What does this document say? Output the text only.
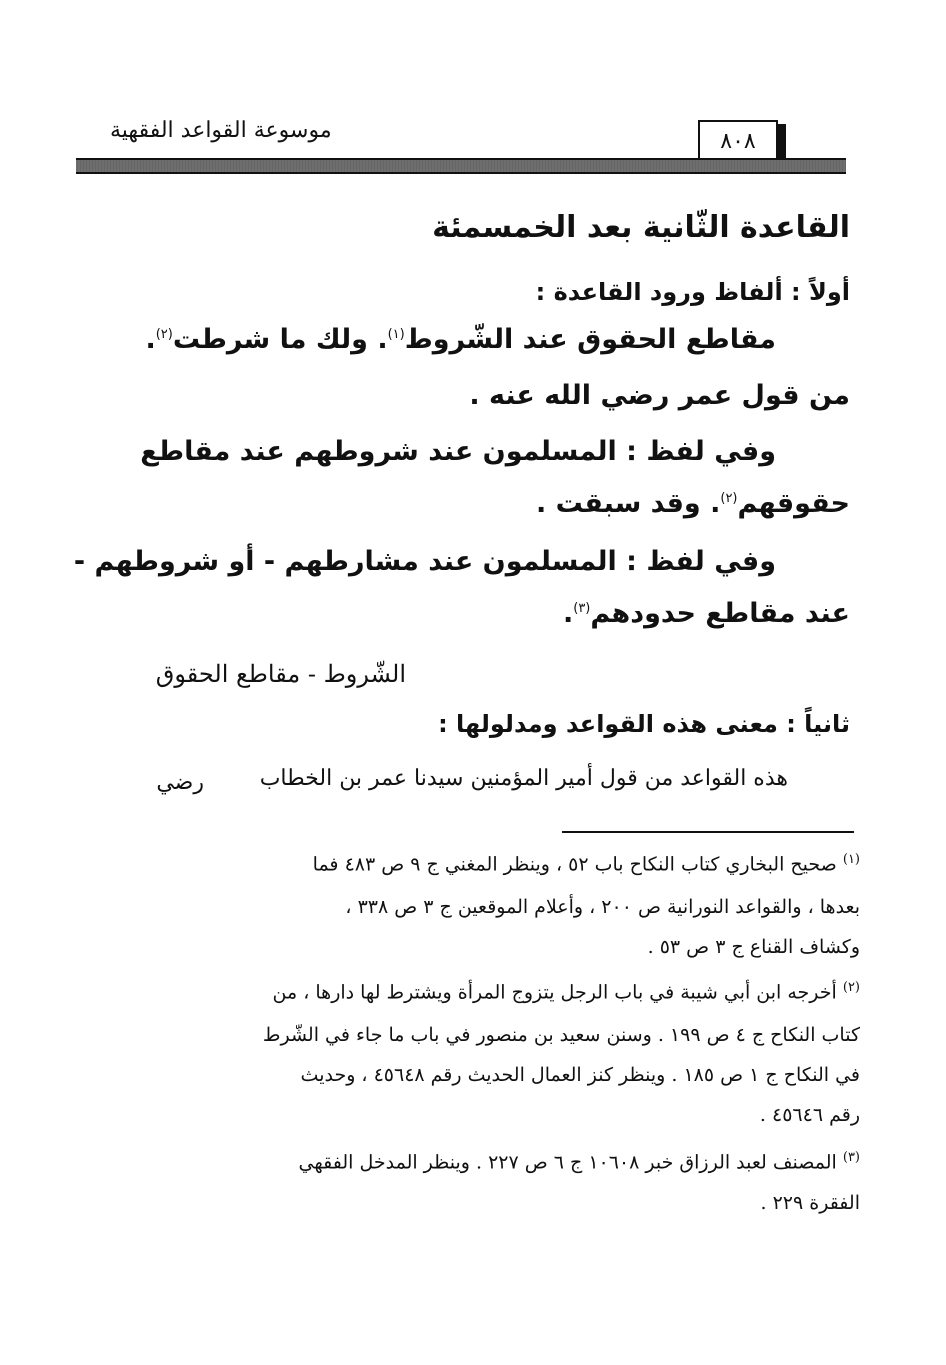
موسوعة القواعد الفقهية	٨٠٨
القاعدة الثّانية بعد الخمسمئة
أولاً : ألفاظ ورود القاعدة :
مقاطع الحقوق عند الشّروط$^{(١)}$. ولك ما شرطت$^{(٢)}$.
من قول عمر رضي الله عنه .
وفي لفظ : المسلمون عند شروطهم عند مقاطع
حقوقهم$^{(٢)}$. وقد سبقت .
وفي لفظ : المسلمون عند مشارطهم - أو شروطهم -
عند مقاطع حدودهم$^{(٣)}$.
الشّروط - مقاطع الحقوق
ثانياً : معنى هذه القواعد ومدلولها :
هذه القواعد من قول أمير المؤمنين سيدنا عمر بن الخطاب
رضي
$^{(١)}$ صحيح البخاري كتاب النكاح باب ٥٢ ، وينظر المغني ج ٩ ص ٤٨٣ فما
بعدها ، والقواعد النورانية ص ٢٠٠ ، وأعلام الموقعين ج ٣ ص ٣٣٨ ،
وكشاف القناع ج ٣ ص ٥٣ .
$^{(٢)}$ أخرجه ابن أبي شيبة في باب الرجل يتزوج المرأة ويشترط لها دارها ، من
كتاب النكاح ج ٤ ص ١٩٩ . وسنن سعيد بن منصور في باب ما جاء في الشّرط
في النكاح ج ١ ص ١٨٥ . وينظر كنز العمال الحديث رقم ٤٥٦٤٨ ، وحديث
رقم ٤٥٦٤٦ .
$^{(٣)}$ المصنف لعبد الرزاق خبر ١٠٦٠٨ ج ٦ ص ٢٢٧ . وينظر المدخل الفقهي
الفقرة ٢٢٩ .
